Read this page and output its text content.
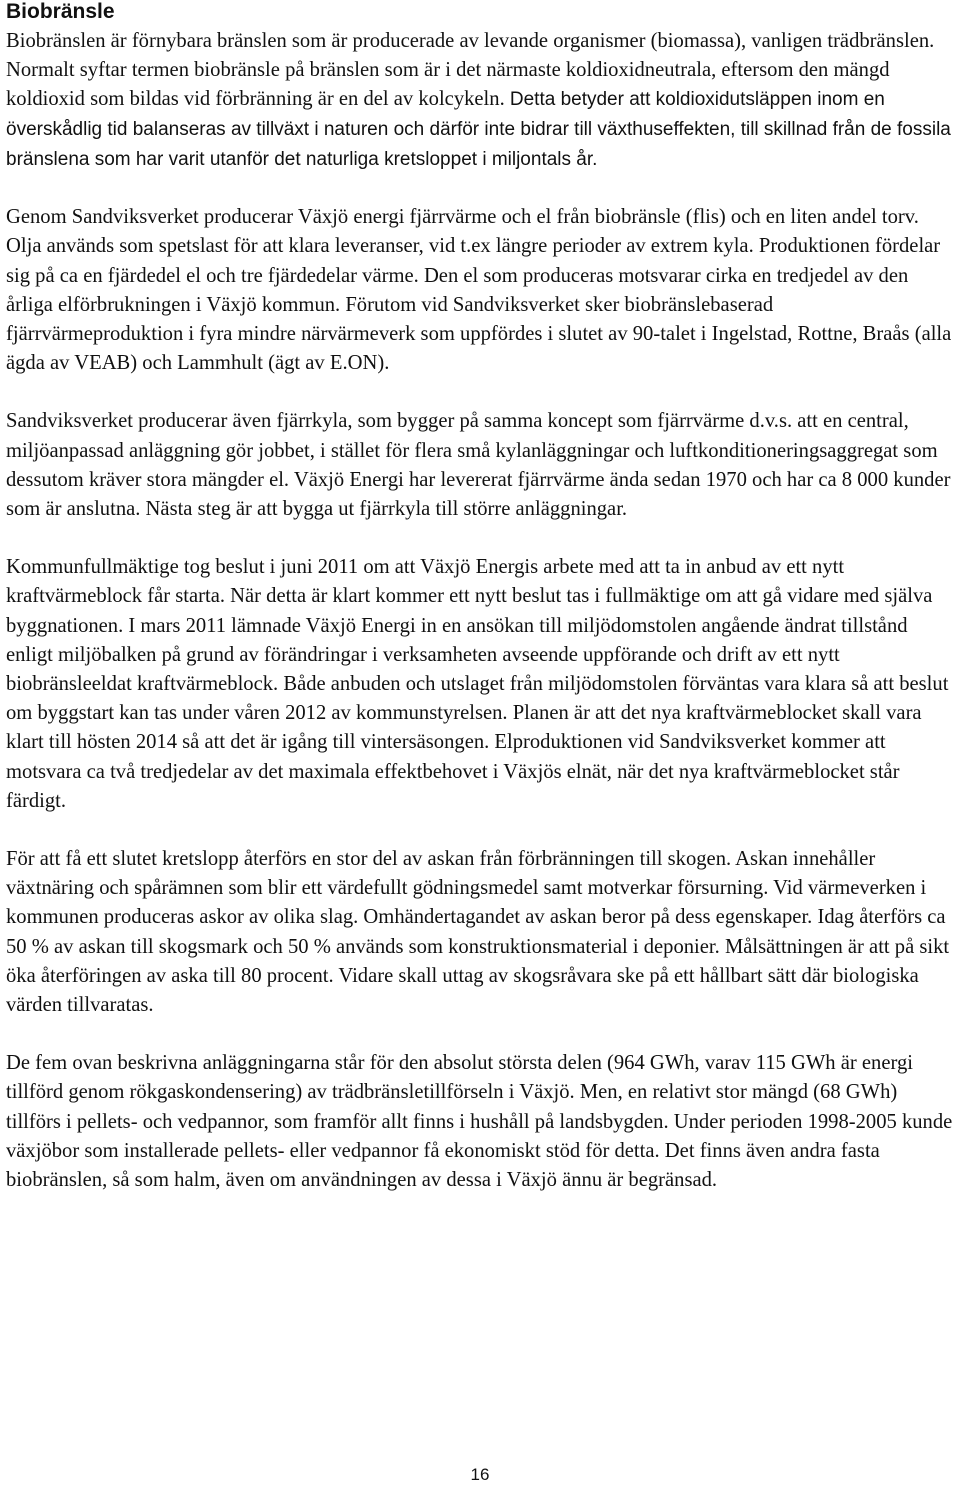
Biobränsle

Biobränslen är förnybara bränslen som är producerade av levande organismer (biomassa), vanligen trädbränslen. Normalt syftar termen biobränsle på bränslen som är i det närmaste koldioxidneutrala, eftersom den mängd koldioxid som bildas vid förbränning är en del av kolcykeln. Detta betyder att koldioxidutsläppen inom en överskådlig tid balanseras av tillväxt i naturen och därför inte bidrar till växthuseffekten, till skillnad från de fossila bränslena som har varit utanför det naturliga kretsloppet i miljontals år.

Genom Sandviksverket producerar Växjö energi fjärrvärme och el från biobränsle (flis) och en liten andel torv. Olja används som spetslast för att klara leveranser, vid t.ex längre perioder av extrem kyla. Produktionen fördelar sig på ca en fjärdedel el och tre fjärdedelar värme. Den el som produceras motsvarar cirka en tredjedel av den årliga elförbrukningen i Växjö kommun. Förutom vid Sandviksverket sker biobränslebaserad fjärrvärmeproduktion i fyra mindre närvärmeverk som uppfördes i slutet av 90-talet i Ingelstad, Rottne, Braås (alla ägda av VEAB) och Lammhult (ägt av E.ON).

Sandviksverket producerar även fjärrkyla, som bygger på samma koncept som fjärrvärme d.v.s. att en central, miljöanpassad anläggning gör jobbet, i stället för flera små kylanläggningar och luftkonditioneringsaggregat som dessutom kräver stora mängder el. Växjö Energi har levererat fjärrvärme ända sedan 1970 och har ca 8 000 kunder som är anslutna. Nästa steg är att bygga ut fjärrkyla till större anläggningar.

Kommunfullmäktige tog beslut i juni 2011 om att Växjö Energis arbete med att ta in anbud av ett nytt kraftvärmeblock får starta. När detta är klart kommer ett nytt beslut tas i fullmäktige om att gå vidare med själva byggnationen. I mars 2011 lämnade Växjö Energi in en ansökan till miljödomstolen angående ändrat tillstånd enligt miljöbalken på grund av förändringar i verksamheten avseende uppförande och drift av ett nytt biobränsleeldat kraftvärmeblock. Både anbuden och utslaget från miljödomstolen förväntas vara klara så att beslut om byggstart kan tas under våren 2012 av kommunstyrelsen. Planen är att det nya kraftvärmeblocket skall vara klart till hösten 2014 så att det är igång till vintersäsongen. Elproduktionen vid Sandviksverket kommer att motsvara ca två tredjedelar av det maximala effektbehovet i Växjös elnät, när det nya kraftvärmeblocket står färdigt.

För att få ett slutet kretslopp återförs en stor del av askan från förbränningen till skogen. Askan innehåller växtnäring och spårämnen som blir ett värdefullt gödningsmedel samt motverkar försurning. Vid värmeverken i kommunen produceras askor av olika slag. Omhändertagandet av askan beror på dess egenskaper. Idag återförs ca 50 % av askan till skogsmark och 50 % används som konstruktionsmaterial i deponier. Målsättningen är att på sikt öka återföringen av aska till 80 procent. Vidare skall uttag av skogsråvara ske på ett hållbart sätt där biologiska värden tillvaratas.

De fem ovan beskrivna anläggningarna står för den absolut största delen (964 GWh, varav 115 GWh är energi tillförd genom rökgaskondensering) av trädbränsletillförseln i Växjö. Men, en relativt stor mängd (68 GWh) tillförs i pellets- och vedpannor, som framför allt finns i hushåll på landsbygden. Under perioden 1998-2005 kunde växjöbor som installerade pellets- eller vedpannor få ekonomiskt stöd för detta. Det finns även andra fasta biobränslen, så som halm, även om användningen av dessa i Växjö ännu är begränsad.

16
